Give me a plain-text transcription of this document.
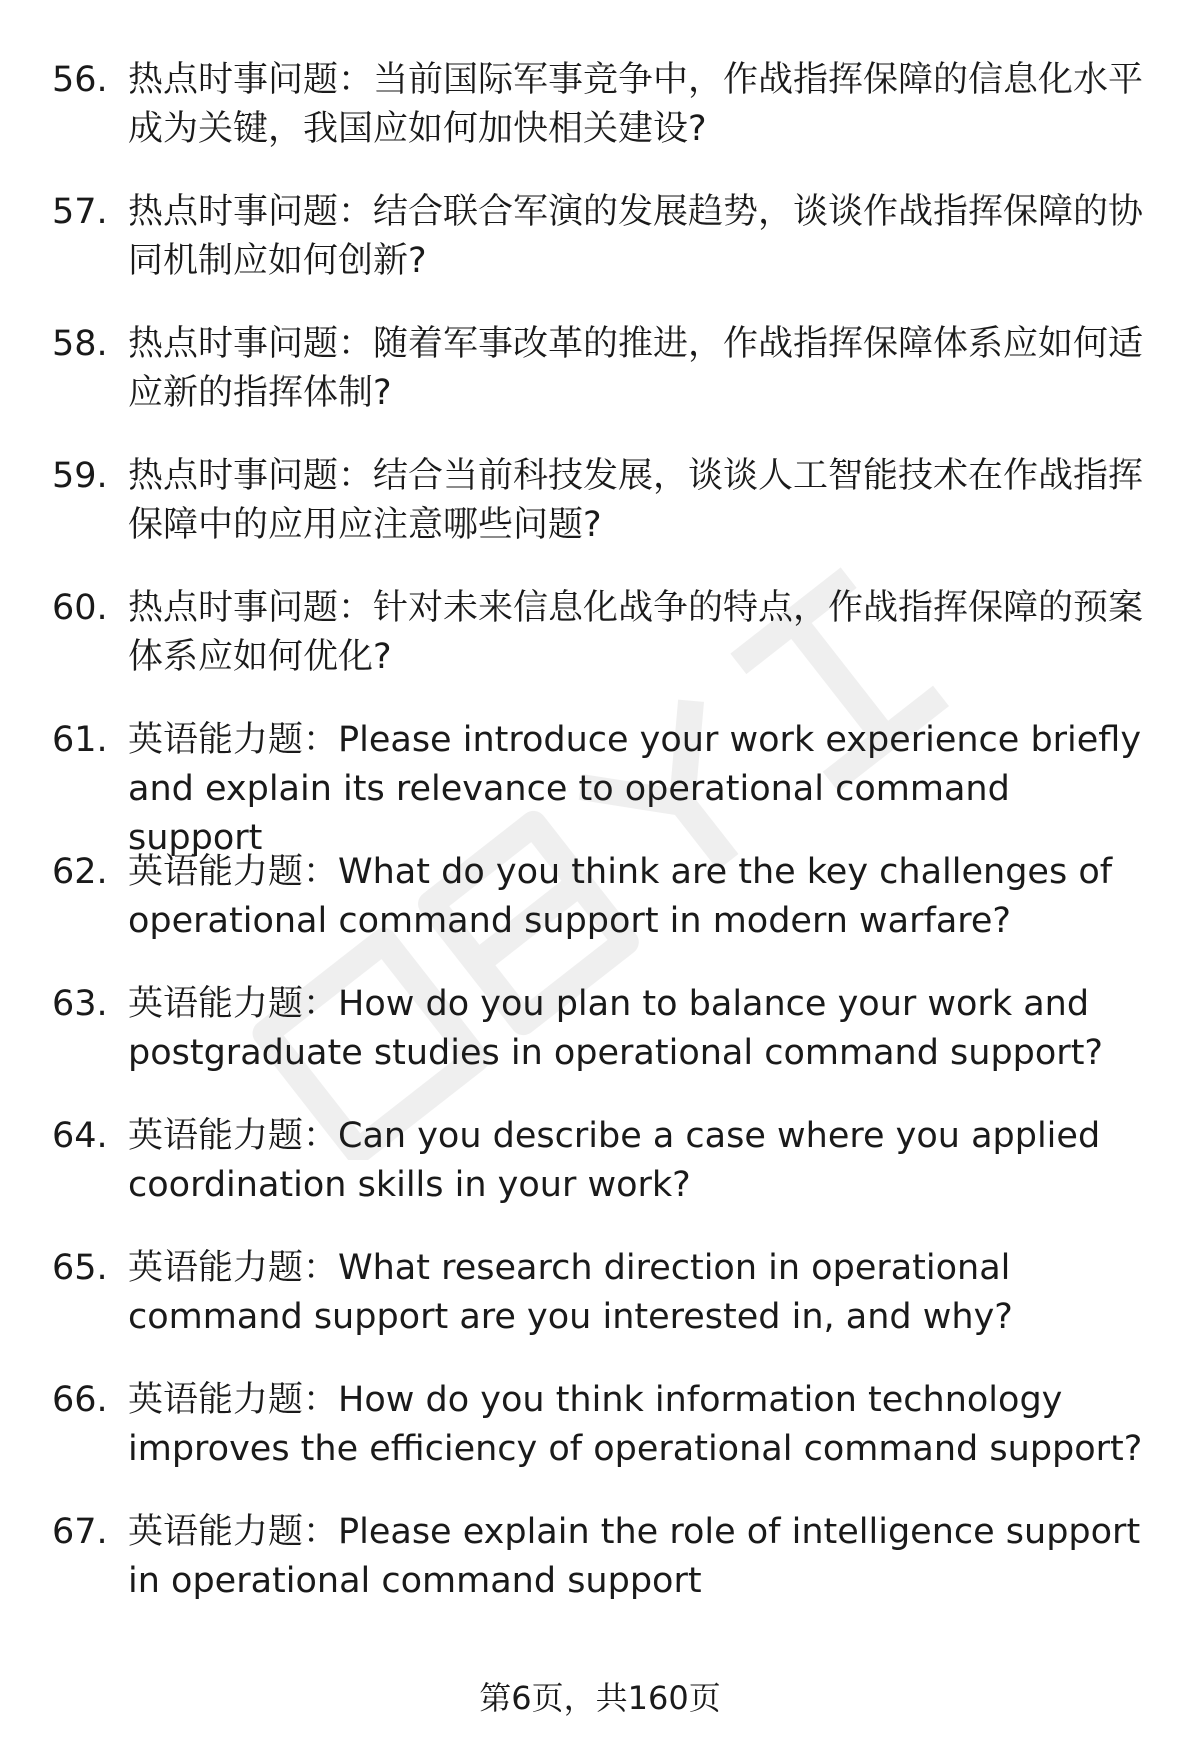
56. 热点时事问题：当前国际军事竞争中，作战指挥保障的信息化水平成为关键，我国应如何加快相关建设?
57. 热点时事问题：结合联合军演的发展趋势，谈谈作战指挥保障的协同机制应如何创新?
58. 热点时事问题：随着军事改革的推进，作战指挥保障体系应如何适应新的指挥体制?
59. 热点时事问题：结合当前科技发展，谈谈人工智能技术在作战指挥保障中的应用应注意哪些问题?
60. 热点时事问题：针对未来信息化战争的特点，作战指挥保障的预案体系应如何优化?
61. 英语能力题：Please introduce your work experience briefly and explain its relevance to operational command support
62. 英语能力题：What do you think are the key challenges of operational command support in modern warfare?
63. 英语能力题：How do you plan to balance your work and postgraduate studies in operational command support?
64. 英语能力题：Can you describe a case where you applied coordination skills in your work?
65. 英语能力题：What research direction in operational command support are you interested in, and why?
66. 英语能力题：How do you think information technology improves the efficiency of operational command support?
67. 英语能力题：Please explain the role of intelligence support in operational command support
第6页，共160页
